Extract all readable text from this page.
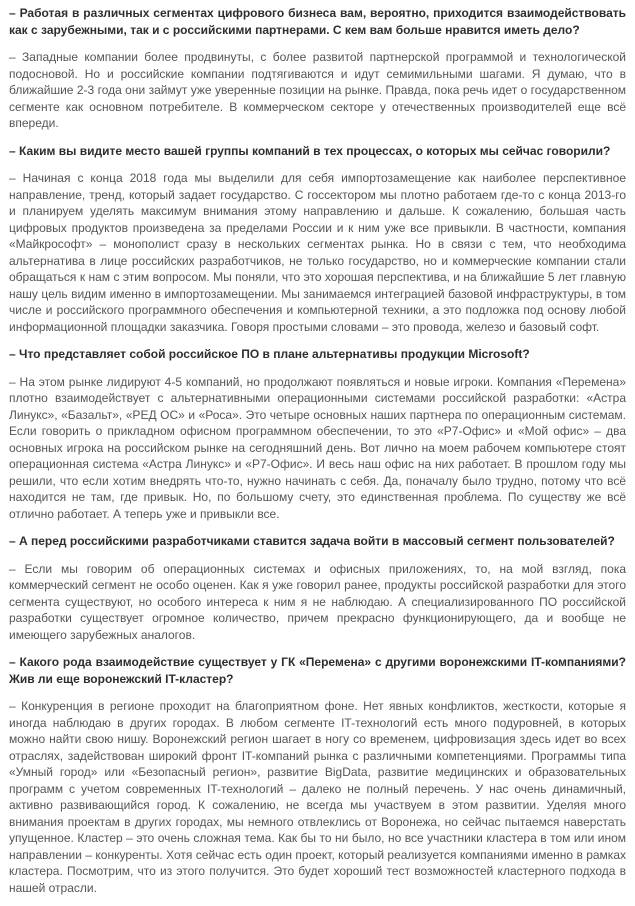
– Работая в различных сегментах цифрового бизнеса вам, вероятно, приходится взаимодействовать как с зарубежными, так и с российскими партнерами. С кем вам больше нравится иметь дело?

– Западные компании более продвинуты, с более развитой партнерской программой и технологической подосновой. Но и российские компании подтягиваются и идут семимильными шагами. Я думаю, что в ближайшие 2-3 года они займут уже уверенные позиции на рынке. Правда, пока речь идет о государственном сегменте как основном потребителе. В коммерческом секторе у отечественных производителей еще всё впереди.

– Каким вы видите место вашей группы компаний в тех процессах, о которых мы сейчас говорили?

– Начиная с конца 2018 года мы выделили для себя импортозамещение как наиболее перспективное направление, тренд, который задает государство. С госсектором мы плотно работаем где-то с конца 2013-го и планируем уделять максимум внимания этому направлению и дальше. К сожалению, большая часть цифровых продуктов произведена за пределами России и к ним уже все привыкли. В частности, компания «Майкрософт» – монополист сразу в нескольких сегментах рынка. Но в связи с тем, что необходима альтернатива в лице российских разработчиков, не только государство, но и коммерческие компании стали обращаться к нам с этим вопросом. Мы поняли, что это хорошая перспектива, и на ближайшие 5 лет главную нашу цель видим именно в импортозамещении. Мы занимаемся интеграцией базовой инфраструктуры, в том числе и российского программного обеспечения и компьютерной техники, а это подложка под основу любой информационной площадки заказчика. Говоря простыми словами – это провода, железо и базовый софт.

– Что представляет собой российское ПО в плане альтернативы продукции Microsoft?

– На этом рынке лидируют 4-5 компаний, но продолжают появляться и новые игроки. Компания «Перемена» плотно взаимодействует с альтернативными операционными системами российской разработки: «Астра Линукс», «Базальт», «РЕД ОС» и «Роса». Это четыре основных наших партнера по операционным системам. Если говорить о прикладном офисном программном обеспечении, то это «Р7-Офис» и «Мой офис» – два основных игрока на российском рынке на сегодняшний день. Вот лично на моем рабочем компьютере стоят операционная система «Астра Линукс» и «Р7-Офис». И весь наш офис на них работает. В прошлом году мы решили, что если хотим внедрять что-то, нужно начинать с себя. Да, поначалу было трудно, потому что всё находится не там, где привык. Но, по большому счету, это единственная проблема. По существу же всё отлично работает. А теперь уже и привыкли все.

– А перед российскими разработчиками ставится задача войти в массовый сегмент пользователей?

– Если мы говорим об операционных системах и офисных приложениях, то, на мой взгляд, пока коммерческий сегмент не особо оценен. Как я уже говорил ранее, продукты российской разработки для этого сегмента существуют, но особого интереса к ним я не наблюдаю. А специализированного ПО российской разработки существует огромное количество, причем прекрасно функционирующего, да и вообще не имеющего зарубежных аналогов.

– Какого рода взаимодействие существует у ГК «Перемена» с другими воронежскими IT-компаниями? Жив ли еще воронежский IT-кластер?

– Конкуренция в регионе проходит на благоприятном фоне. Нет явных конфликтов, жесткости, которые я иногда наблюдаю в других городах. В любом сегменте IT-технологий есть много подуровней, в которых можно найти свою нишу. Воронежский регион шагает в ногу со временем, цифровизация здесь идет во всех отраслях, задействован широкий фронт IT-компаний рынка с различными компетенциями. Программы типа «Умный город» или «Безопасный регион», развитие BigData, развитие медицинских и образовательных программ с учетом современных IT-технологий – далеко не полный перечень. У нас очень динамичный, активно развивающийся город. К сожалению, не всегда мы участвуем в этом развитии. Уделяя много внимания проектам в других городах, мы немного отвлеклись от Воронежа, но сейчас пытаемся наверстать упущенное. Кластер – это очень сложная тема. Как бы то ни было, но все участники кластера в том или ином направлении – конкуренты. Хотя сейчас есть один проект, который реализуется компаниями именно в рамках кластера. Посмотрим, что из этого получится. Это будет хороший тест возможностей кластерного подхода в нашей отрасли.
